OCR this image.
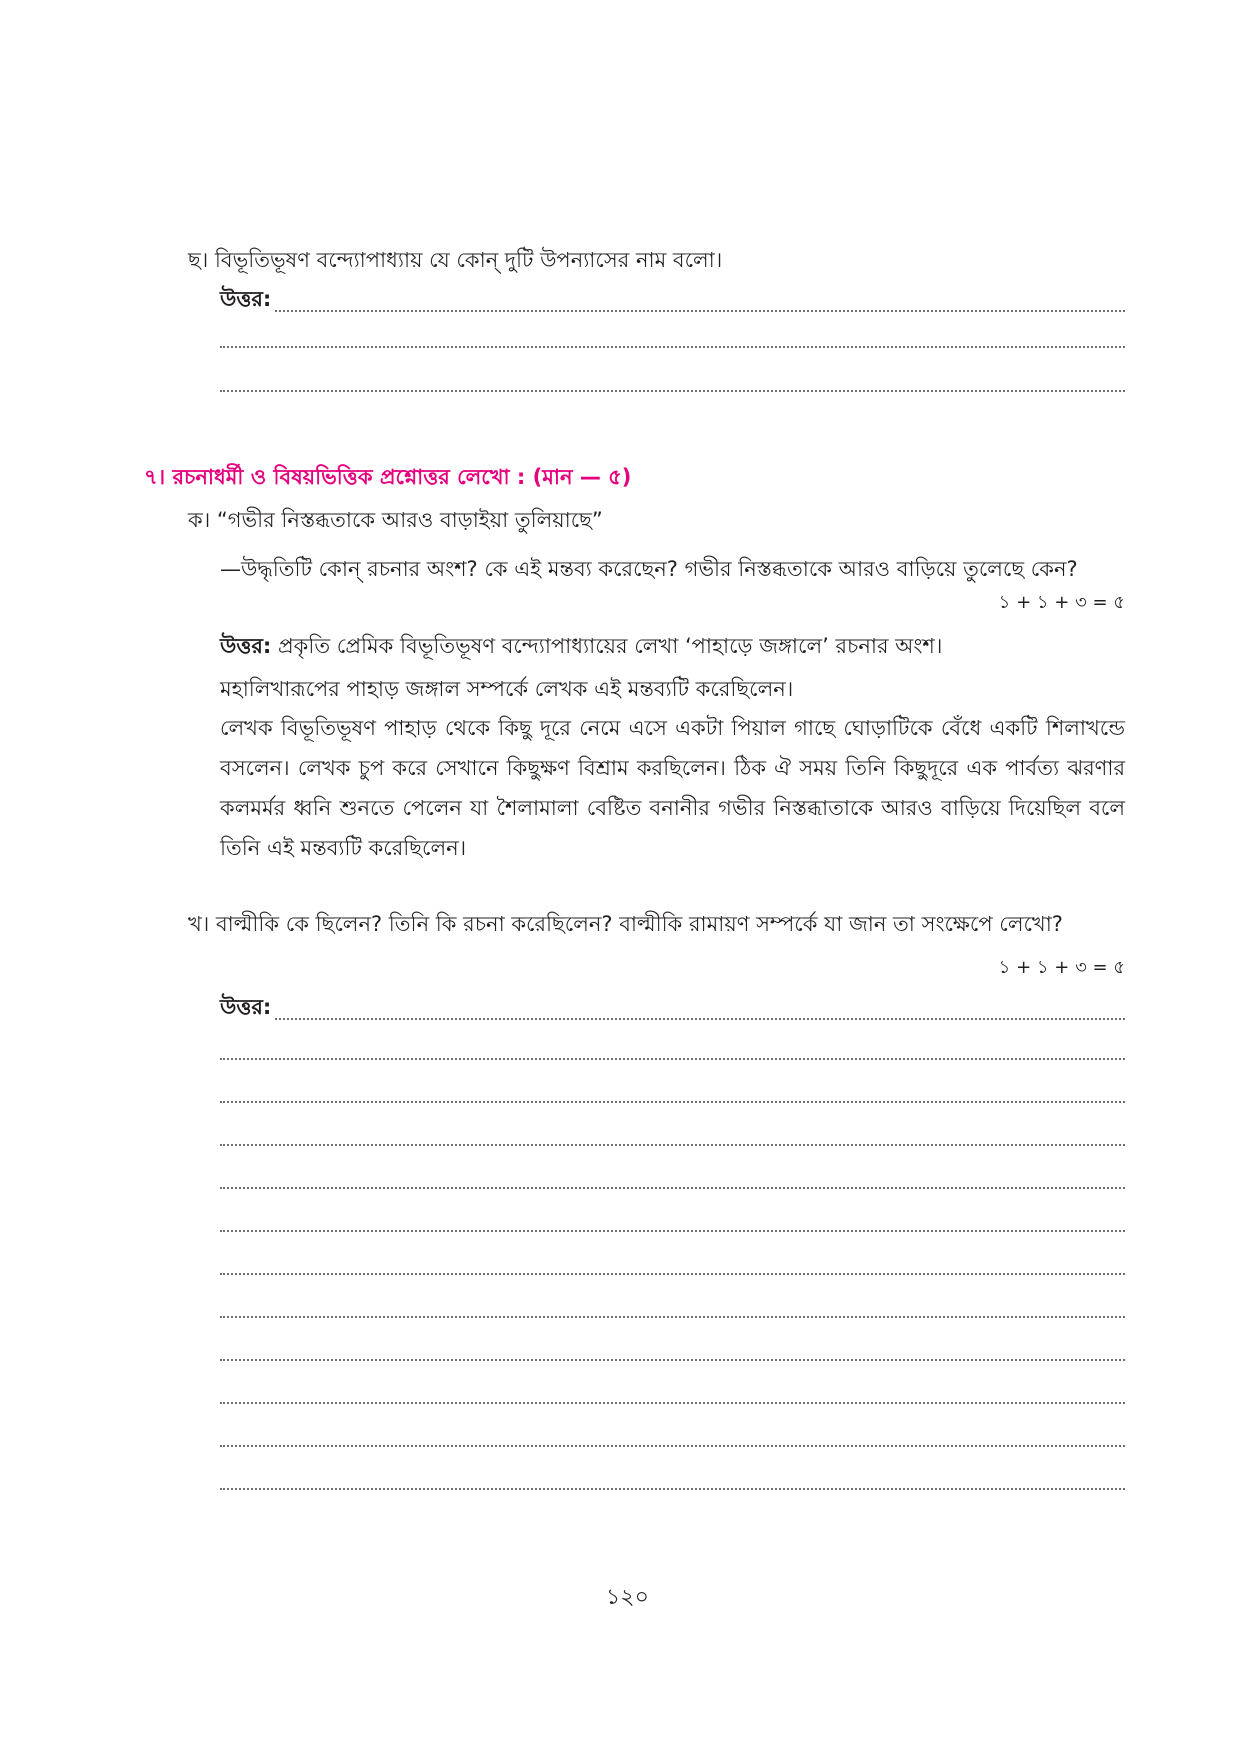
ছ। বিভূতিভূষণ বন্দ্যোপাধ্যায় যে কোন্ দুটি উপন্যাসের নাম বলো।
উত্তর:
৭। রচনাধর্মী ও বিষয়ভিত্তিক প্রশ্নোত্তর লেখো : (মান — ৫)
ক। “গভীর নিস্তব্ধতাকে আরও বাড়াইয়া তুলিয়াছে”
—উদ্ধৃতিটি কোন্ রচনার অংশ? কে এই মন্তব্য করেছেন? গভীর নিস্তব্ধতাকে আরও বাড়িয়ে তুলেছে কেন?
১ + ১ + ৩ = ৫
উত্তর: প্রকৃতি প্রেমিক বিভূতিভূষণ বন্দ্যোপাধ্যায়ের লেখা ‘পাহাড়ে জঙ্গালে’ রচনার অংশ।
মহালিখারূপের পাহাড় জঙ্গাল সম্পর্কে লেখক এই মন্তব্যটি করেছিলেন।
লেখক বিভূতিভূষণ পাহাড় থেকে কিছু দূরে নেমে এসে একটা পিয়াল গাছে ঘোড়াটিকে বেঁধে একটি শিলাখন্ডে বসলেন। লেখক চুপ করে সেখানে কিছুক্ষণ বিশ্রাম করছিলেন। ঠিক ঐ সময় তিনি কিছুদূরে এক পার্বত্য ঝরণার কলমর্মর ধ্বনি শুনতে পেলেন যা শৈলামালা বেষ্টিত বনানীর গভীর নিস্তব্ধাতাকে আরও বাড়িয়ে দিয়েছিল বলে তিনি এই মন্তব্যটি করেছিলেন।
খ। বাল্মীকি কে ছিলেন? তিনি কি রচনা করেছিলেন? বাল্মীকি রামায়ণ সম্পর্কে যা জান তা সংক্ষেপে লেখো?
১ + ১ + ৩ = ৫
উত্তর:
১২০
